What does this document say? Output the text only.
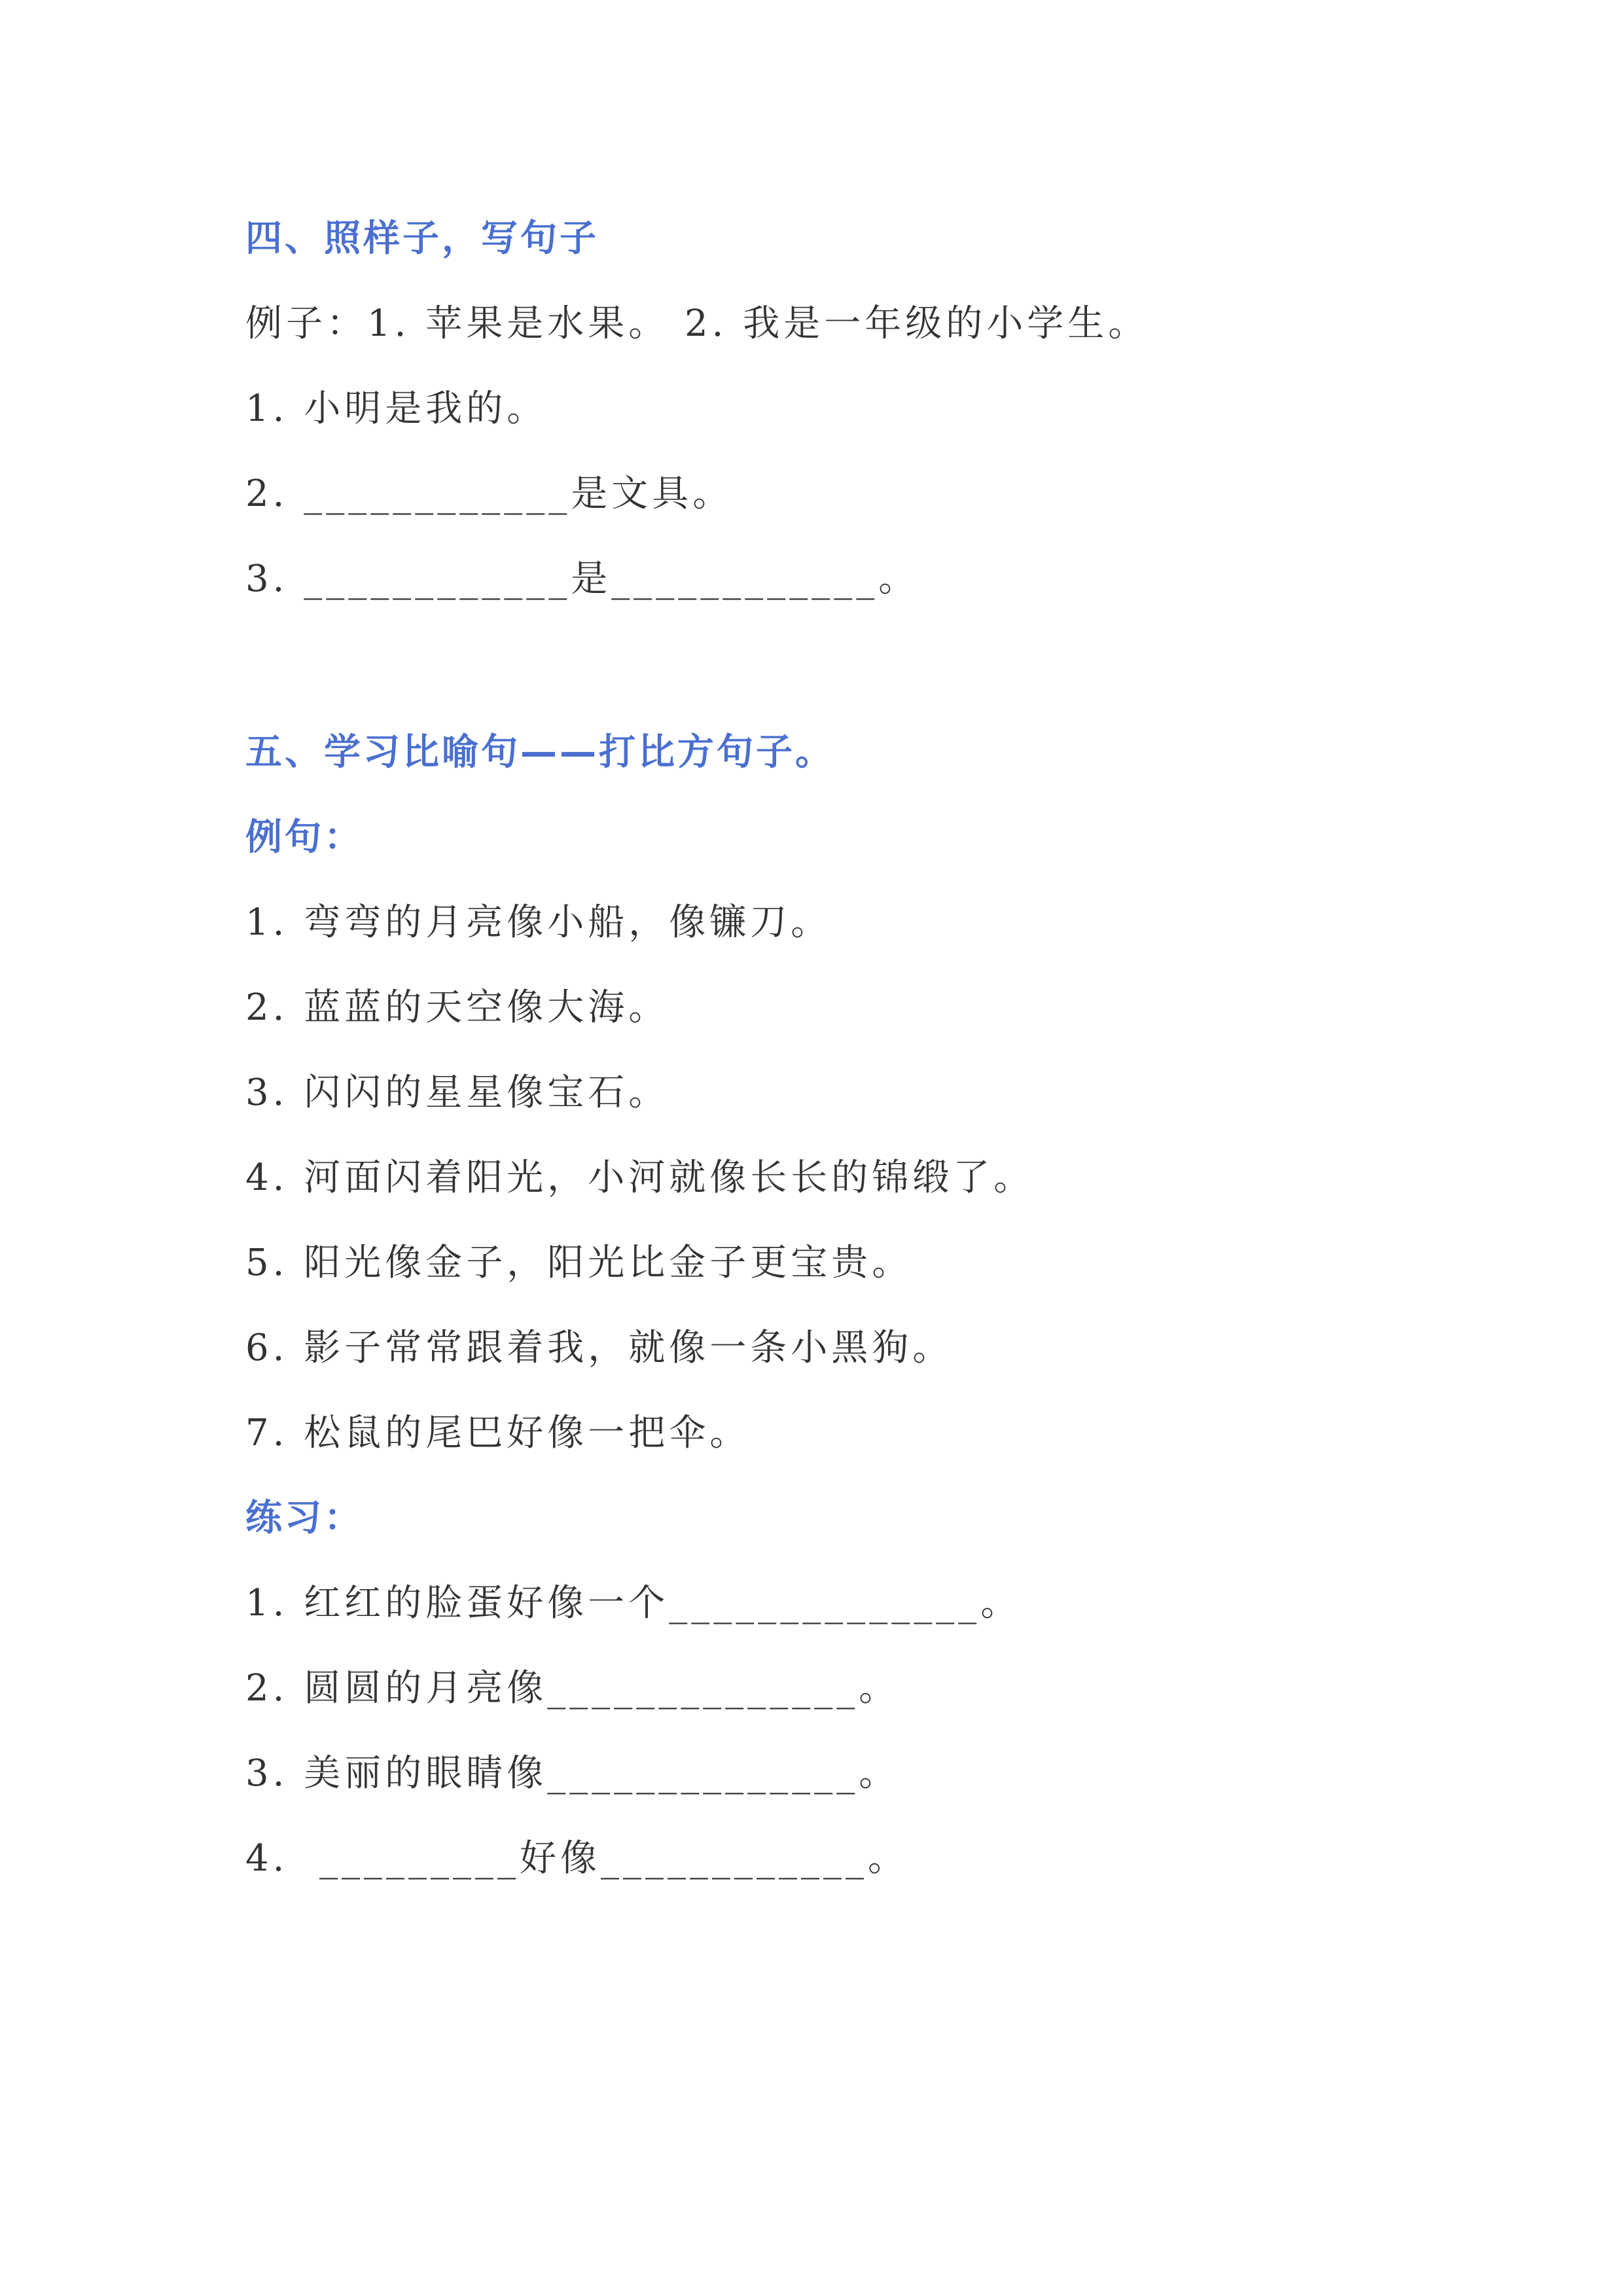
四、照样子，写句子
例子：1. 苹果是水果。 2. 我是一年级的小学生。
1. 小明是我的。
2. ____________是文具。
3. ____________是____________。
五、学习比喻句——打比方句子。
例句：
1. 弯弯的月亮像小船，像镰刀。
2. 蓝蓝的天空像大海。
3. 闪闪的星星像宝石。
4. 河面闪着阳光，小河就像长长的锦缎了。
5. 阳光像金子，阳光比金子更宝贵。
6. 影子常常跟着我，就像一条小黑狗。
7. 松鼠的尾巴好像一把伞。
练习：
1. 红红的脸蛋好像一个______________。
2. 圆圆的月亮像______________。
3. 美丽的眼睛像______________。
4.  _________好像____________。
